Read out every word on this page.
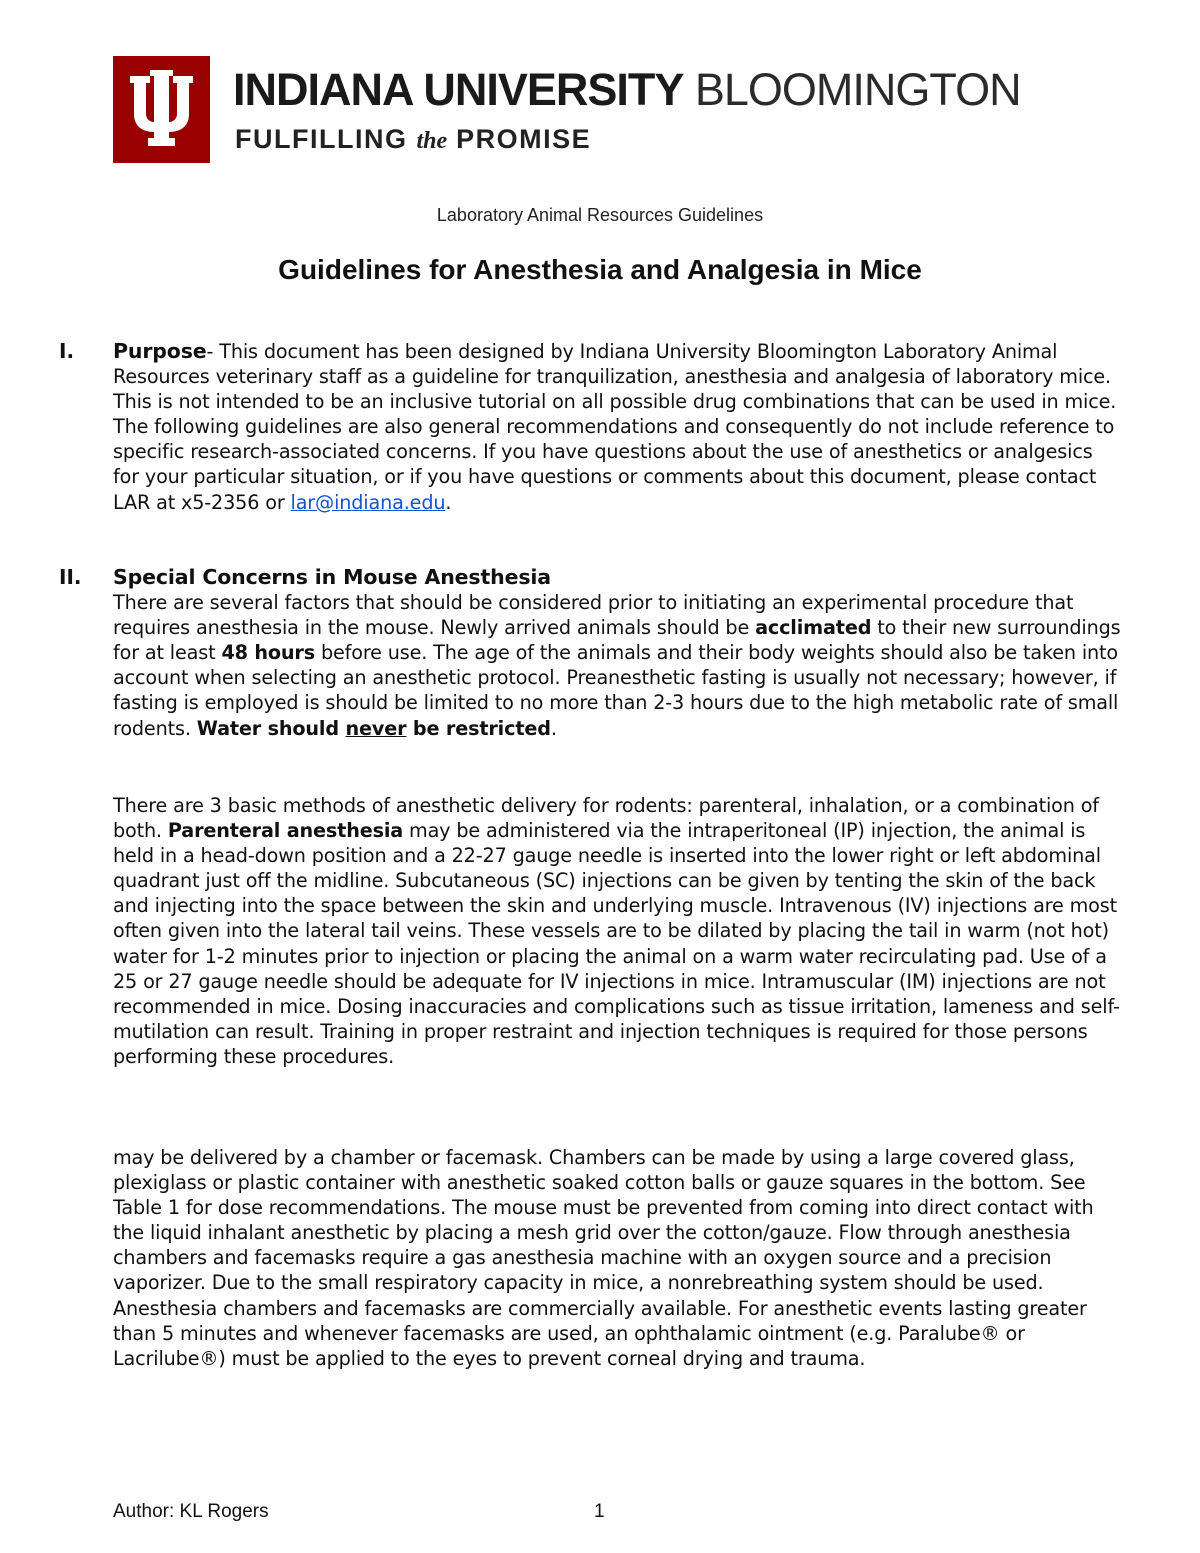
INDIANA UNIVERSITY BLOOMINGTON
FULFILLING the PROMISE
Laboratory Animal Resources Guidelines
Guidelines for Anesthesia and Analgesia in Mice
I. Purpose- This document has been designed by Indiana University Bloomington Laboratory Animal Resources veterinary staff as a guideline for tranquilization, anesthesia and analgesia of laboratory mice. This is not intended to be an inclusive tutorial on all possible drug combinations that can be used in mice. The following guidelines are also general recommendations and consequently do not include reference to specific research-associated concerns. If you have questions about the use of anesthetics or analgesics for your particular situation, or if you have questions or comments about this document, please contact LAR at x5-2356 or lar@indiana.edu.

II. Special Concerns in Mouse Anesthesia

There are several factors that should be considered prior to initiating an experimental procedure that requires anesthesia in the mouse. Newly arrived animals should be acclimated to their new surroundings for at least 48 hours before use. The age of the animals and their body weights should also be taken into account when selecting an anesthetic protocol. Preanesthetic fasting is usually not necessary; however, if fasting is employed is should be limited to no more than 2-3 hours due to the high metabolic rate of small rodents. Water should never be restricted.

There are 3 basic methods of anesthetic delivery for rodents: parenteral, inhalation, or a combination of both. Parenteral anesthesia may be administered via the intraperitoneal (IP) injection, the animal is held in a head-down position and a 22-27 gauge needle is inserted into the lower right or left abdominal quadrant just off the midline. Subcutaneous (SC) injections can be given by tenting the skin of the back and injecting into the space between the skin and underlying muscle. Intravenous (IV) injections are most often given into the lateral tail veins. These vessels are to be dilated by placing the tail in warm (not hot) water for 1-2 minutes prior to injection or placing the animal on a warm water recirculating pad. Use of a 25 or 27 gauge needle should be adequate for IV injections in mice. Intramuscular (IM) injections are not recommended in mice. Dosing inaccuracies and complications such as tissue irritation, lameness and self-mutilation can result. Training in proper restraint and injection techniques is required for those persons performing these procedures.

may be delivered by a chamber or facemask. Chambers can be made by using a large covered glass, plexiglass or plastic container with anesthetic soaked cotton balls or gauze squares in the bottom. See Table 1 for dose recommendations. The mouse must be prevented from coming into direct contact with the liquid inhalant anesthetic by placing a mesh grid over the cotton/gauze. Flow through anesthesia chambers and facemasks require a gas anesthesia machine with an oxygen source and a precision vaporizer. Due to the small respiratory capacity in mice, a nonrebreathing system should be used. Anesthesia chambers and facemasks are commercially available. For anesthetic events lasting greater than 5 minutes and whenever facemasks are used, an ophthalamic ointment (e.g. Paralube® or Lacrilube®) must be applied to the eyes to prevent corneal drying and trauma.

Author: KL Rogers	1
